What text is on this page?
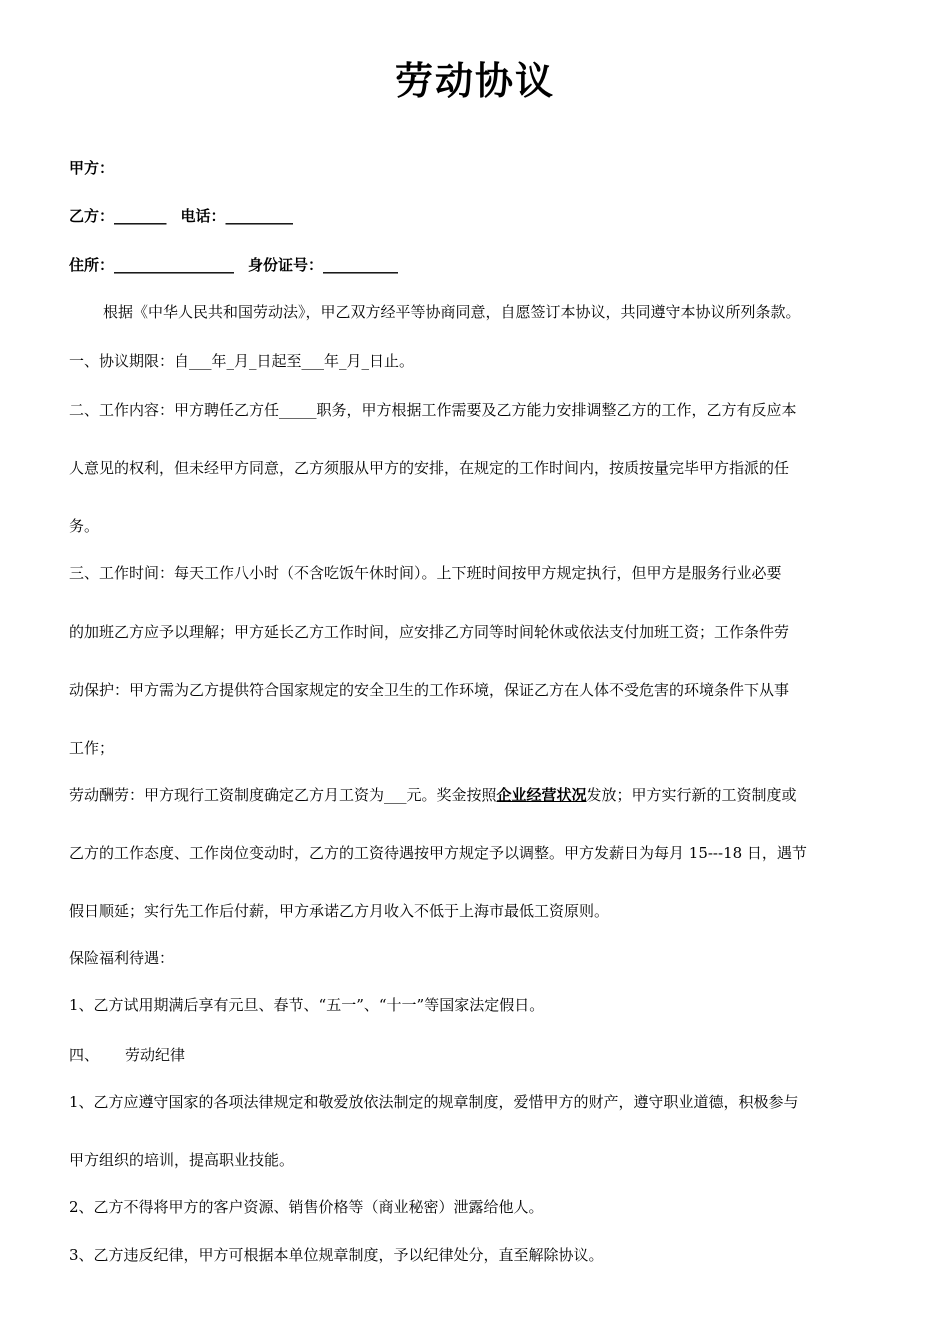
劳动协议
甲方：
乙方：_______ 电话：_________
住所：________________ 身份证号：__________
根据《中华人民共和国劳动法》，甲乙双方经平等协商同意，自愿签订本协议，共同遵守本协议所列条款。
一、协议期限：自___年_月_日起至___年_月_日止。
二、工作内容：甲方聘任乙方任_____职务，甲方根据工作需要及乙方能力安排调整乙方的工作，乙方有反应本
人意见的权利，但未经甲方同意，乙方须服从甲方的安排，在规定的工作时间内，按质按量完毕甲方指派的任
务。
三、工作时间：每天工作八小时（不含吃饭午休时间）。上下班时间按甲方规定执行，但甲方是服务行业必要
的加班乙方应予以理解；甲方延长乙方工作时间，应安排乙方同等时间轮休或依法支付加班工资；工作条件劳
动保护：甲方需为乙方提供符合国家规定的安全卫生的工作环境，保证乙方在人体不受危害的环境条件下从事
工作；
劳动酬劳：甲方现行工资制度确定乙方月工资为___元。奖金按照企业经营状况发放；甲方实行新的工资制度或
乙方的工作态度、工作岗位变动时，乙方的工资待遇按甲方规定予以调整。甲方发薪日为每月 15---18 日，遇节
假日顺延；实行先工作后付薪，甲方承诺乙方月收入不低于上海市最低工资原则。
保险福利待遇：
1、乙方试用期满后享有元旦、春节、“五一”、“十一”等国家法定假日。
四、 劳动纪律
1、乙方应遵守国家的各项法律规定和敬爱放依法制定的规章制度，爱惜甲方的财产，遵守职业道德，积极参与
甲方组织的培训，提高职业技能。
2、乙方不得将甲方的客户资源、销售价格等（商业秘密）泄露给他人。
3、乙方违反纪律，甲方可根据本单位规章制度，予以纪律处分，直至解除协议。
